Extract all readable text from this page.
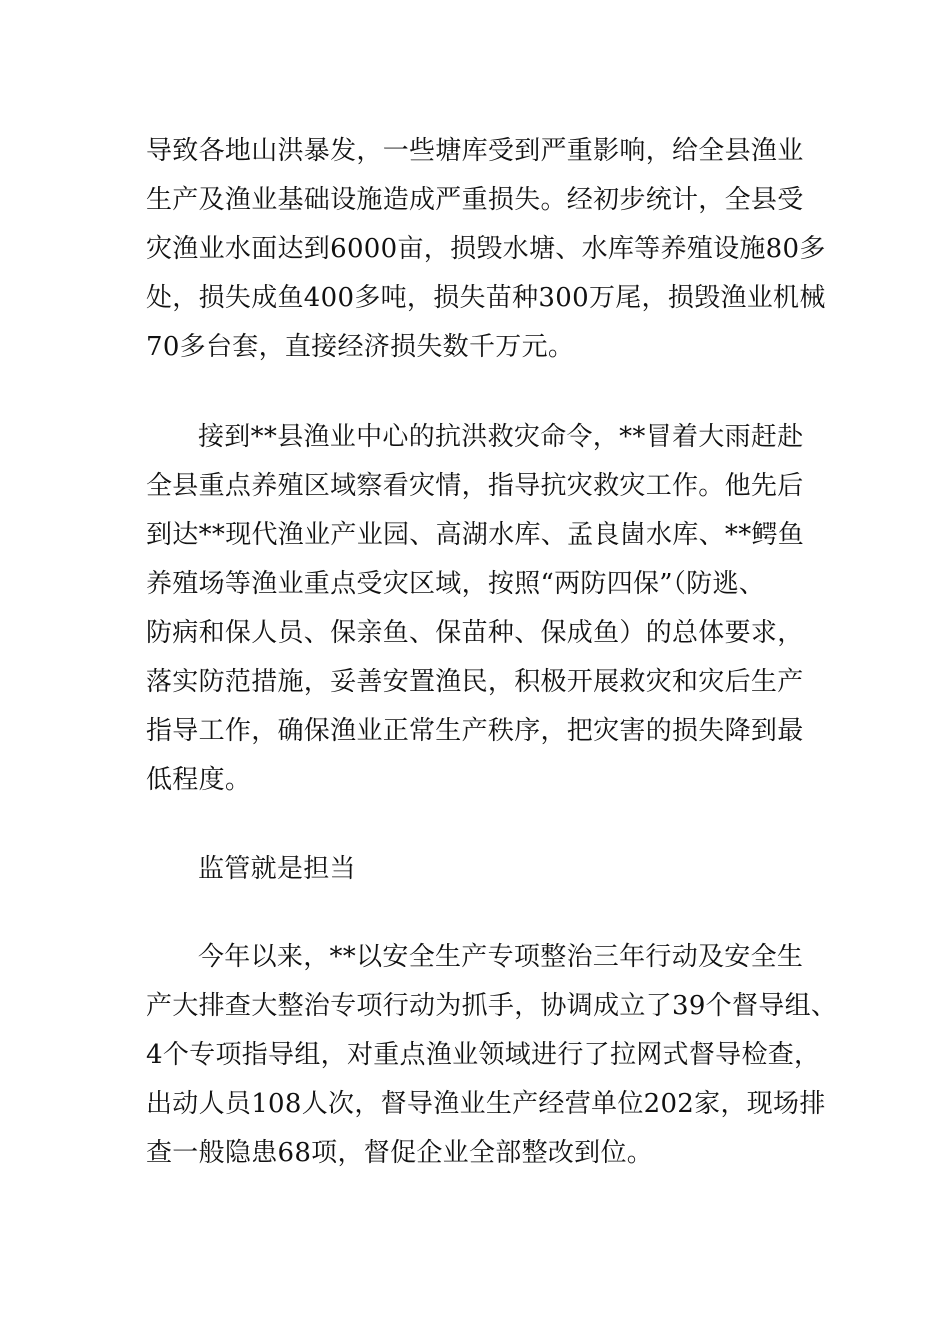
导致各地山洪暴发，一些塘库受到严重影响，给全县渔业
生产及渔业基础设施造成严重损失。经初步统计，全县受
灾渔业水面达到6000亩，损毁水塘、水库等养殖设施80多
处，损失成鱼400多吨，损失苗种300万尾，损毁渔业机械
70多台套，直接经济损失数千万元。

接到**县渔业中心的抗洪救灾命令，**冒着大雨赶赴
全县重点养殖区域察看灾情，指导抗灾救灾工作。他先后
到达**现代渔业产业园、高湖水库、孟良崮水库、**鳄鱼
养殖场等渔业重点受灾区域，按照“两防四保”（防逃、
防病和保人员、保亲鱼、保苗种、保成鱼）的总体要求，
落实防范措施，妥善安置渔民，积极开展救灾和灾后生产
指导工作，确保渔业正常生产秩序，把灾害的损失降到最
低程度。

监管就是担当

今年以来，**以安全生产专项整治三年行动及安全生
产大排查大整治专项行动为抓手，协调成立了39个督导组、
4个专项指导组，对重点渔业领域进行了拉网式督导检查，
出动人员108人次，督导渔业生产经营单位202家，现场排
查一般隐患68项，督促企业全部整改到位。
